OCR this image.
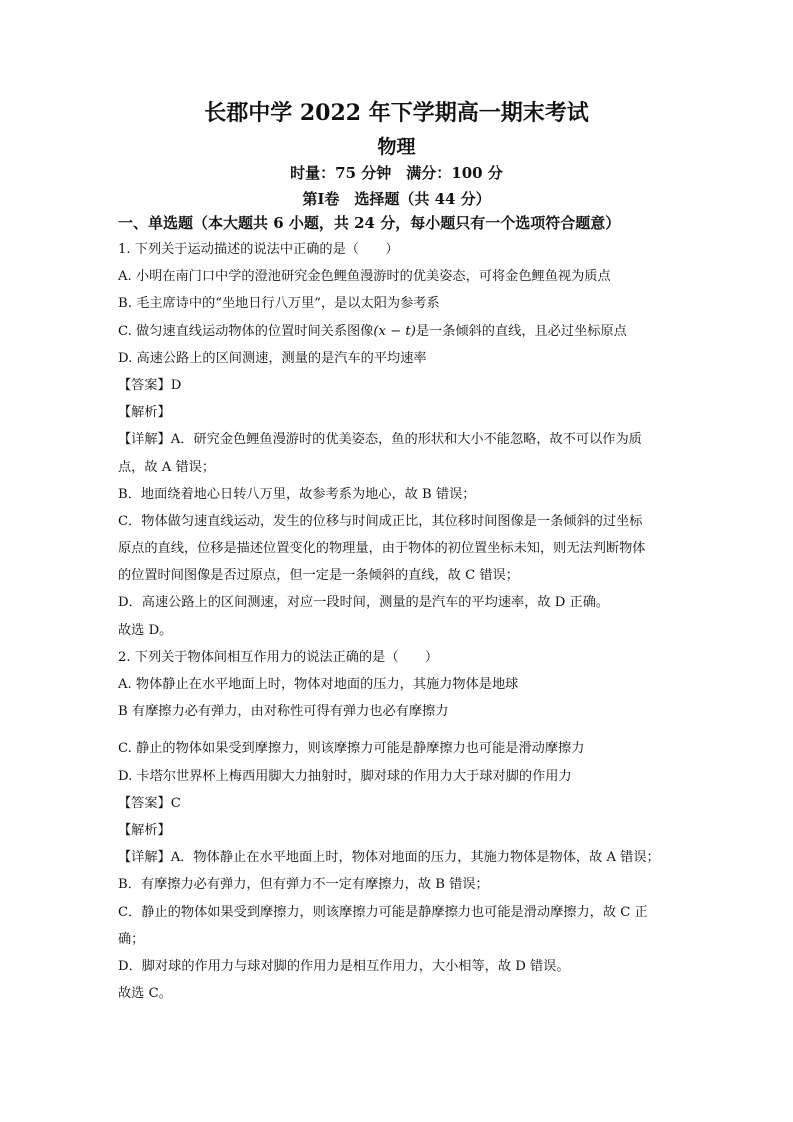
长郡中学 2022 年下学期高一期末考试
物理
时量：75 分钟　满分：100 分
第Ⅰ卷　选择题（共 44 分）
一、单选题（本大题共 6 小题，共 24 分，每小题只有一个选项符合题意）
1. 下列关于运动描述的说法中正确的是（　　）
A. 小明在南门口中学的澄池研究金色鲤鱼漫游时的优美姿态，可将金色鲤鱼视为质点
B. 毛主席诗中的“坐地日行八万里”，是以太阳为参考系
C. 做匀速直线运动物体的位置时间关系图像(x − t)是一条倾斜的直线，且必过坐标原点
D. 高速公路上的区间测速，测量的是汽车的平均速率
【答案】D
【解析】
【详解】A．研究金色鲤鱼漫游时的优美姿态，鱼的形状和大小不能忽略，故不可以作为质
点，故 A 错误；
B．地面绕着地心日转八万里，故参考系为地心，故 B 错误；
C．物体做匀速直线运动，发生的位移与时间成正比，其位移时间图像是一条倾斜的过坐标
原点的直线，位移是描述位置变化的物理量，由于物体的初位置坐标未知，则无法判断物体
的位置时间图像是否过原点，但一定是一条倾斜的直线，故 C 错误；
D．高速公路上的区间测速，对应一段时间，测量的是汽车的平均速率，故 D 正确。
故选 D。
2. 下列关于物体间相互作用力的说法正确的是（　　）
A. 物体静止在水平地面上时，物体对地面的压力，其施力物体是地球
B 有摩擦力必有弹力，由对称性可得有弹力也必有摩擦力
C. 静止的物体如果受到摩擦力，则该摩擦力可能是静摩擦力也可能是滑动摩擦力
D. 卡塔尔世界杯上梅西用脚大力抽射时，脚对球的作用力大于球对脚的作用力
【答案】C
【解析】
【详解】A．物体静止在水平地面上时，物体对地面的压力，其施力物体是物体，故 A 错误；
B．有摩擦力必有弹力，但有弹力不一定有摩擦力，故 B 错误；
C．静止的物体如果受到摩擦力，则该摩擦力可能是静摩擦力也可能是滑动摩擦力，故 C 正
确；
D．脚对球的作用力与球对脚的作用力是相互作用力，大小相等，故 D 错误。
故选 C。
